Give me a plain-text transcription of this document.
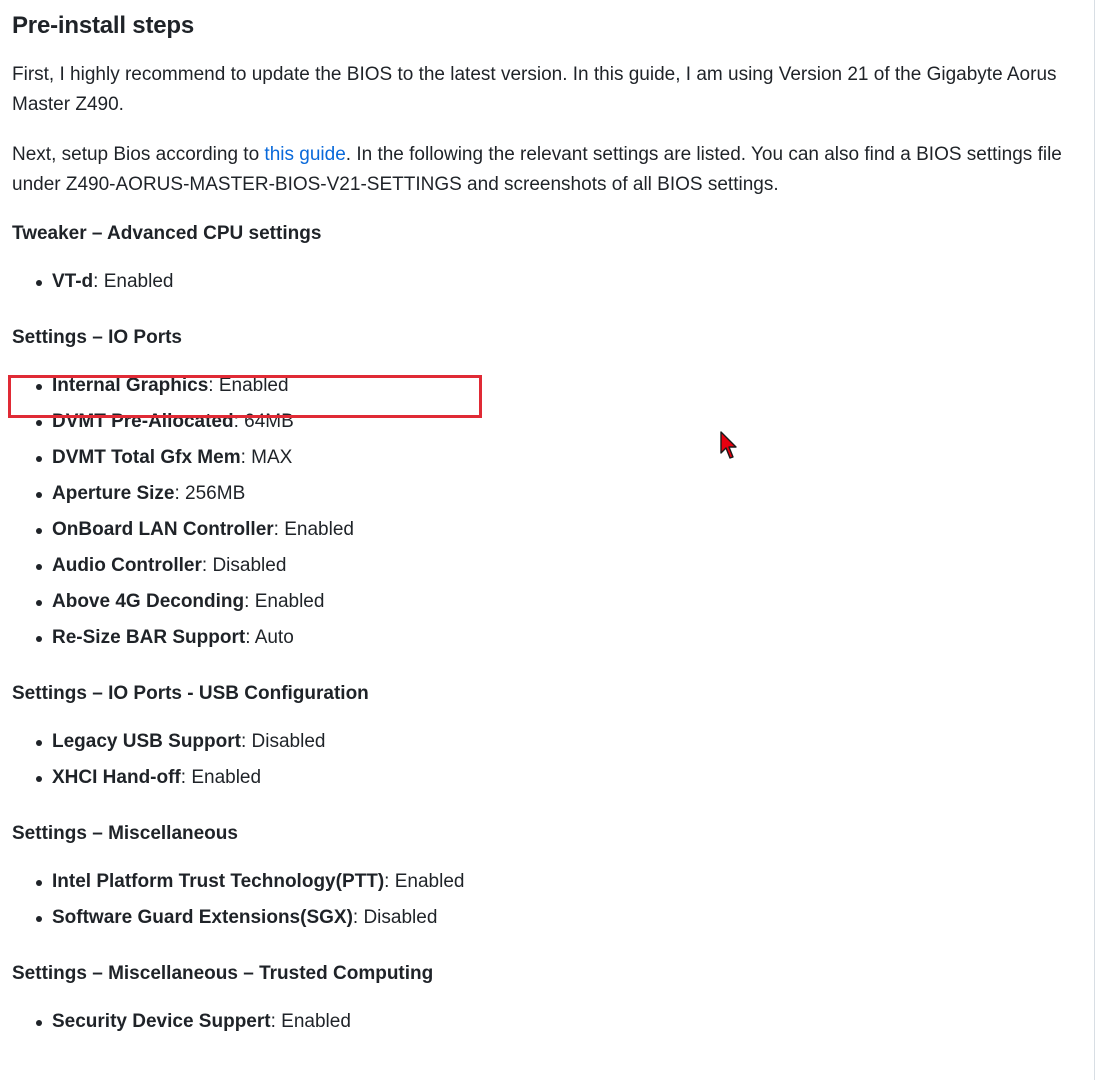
Pre-install steps

First, I highly recommend to update the BIOS to the latest version. In this guide, I am using Version 21 of the Gigabyte Aorus Master Z490.

Next, setup Bios according to this guide. In the following the relevant settings are listed. You can also find a BIOS settings file under Z490-AORUS-MASTER-BIOS-V21-SETTINGS and screenshots of all BIOS settings.

Tweaker – Advanced CPU settings
VT-d: Enabled
Settings – IO Ports
Internal Graphics: Enabled
DVMT Pre-Allocated: 64MB
DVMT Total Gfx Mem: MAX
Aperture Size: 256MB
OnBoard LAN Controller: Enabled
Audio Controller: Disabled
Above 4G Deconding: Enabled
Re-Size BAR Support: Auto
Settings – IO Ports - USB Configuration
Legacy USB Support: Disabled
XHCI Hand-off: Enabled
Settings – Miscellaneous
Intel Platform Trust Technology(PTT): Enabled
Software Guard Extensions(SGX): Disabled
Settings – Miscellaneous – Trusted Computing
Security Device Suppert: Enabled
